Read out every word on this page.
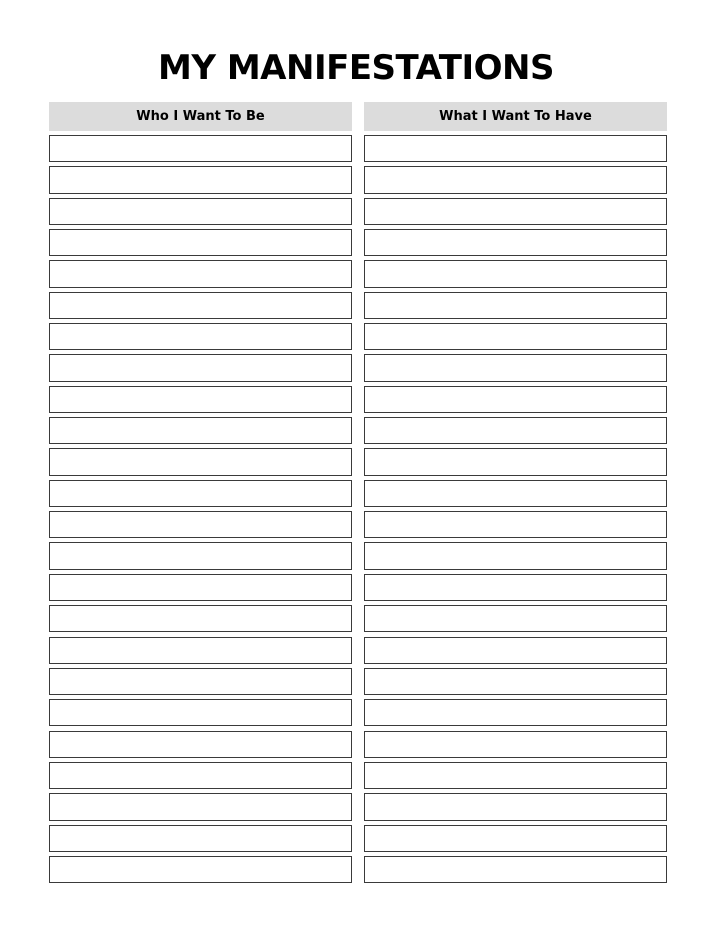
MY MANIFESTATIONS
Who I Want To Be	What I Want To Have
